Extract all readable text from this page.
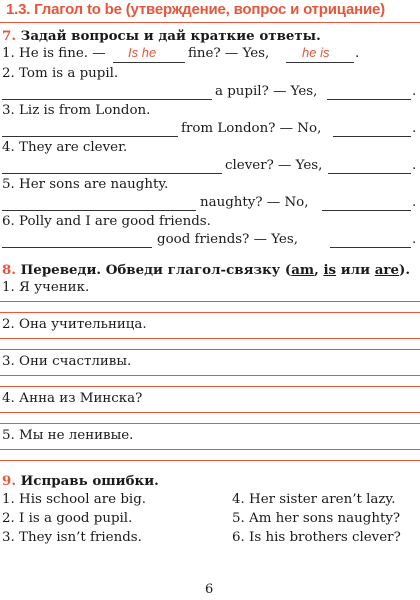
1.3. Глагол to be (утверждение, вопрос и отрицание)
7. Задай вопросы и дай краткие ответы.
1. He is fine. — Is he fine? — Yes,	he is .
2. Tom is a pupil.
a pupil? — Yes,	.
3. Liz is from London.
from London? — No,	.
4. They are clever.
clever? — Yes,	.
5. Her sons are naughty.
naughty? — No,	.
6. Polly and I are good friends.
good friends? — Yes,	.
8. Переведи. Обведи глагол-связку (am, is или are).
1. Я ученик.
2. Она учительница.
3. Они счастливы.
4. Анна из Минска?
5. Мы не ленивые.
9. Исправь ошибки.
1. His school are big.
2. I is a good pupil.
3. They isn’t friends.
4. Her sister aren’t lazy.
5. Am her sons naughty?
6. Is his brothers clever?
6
